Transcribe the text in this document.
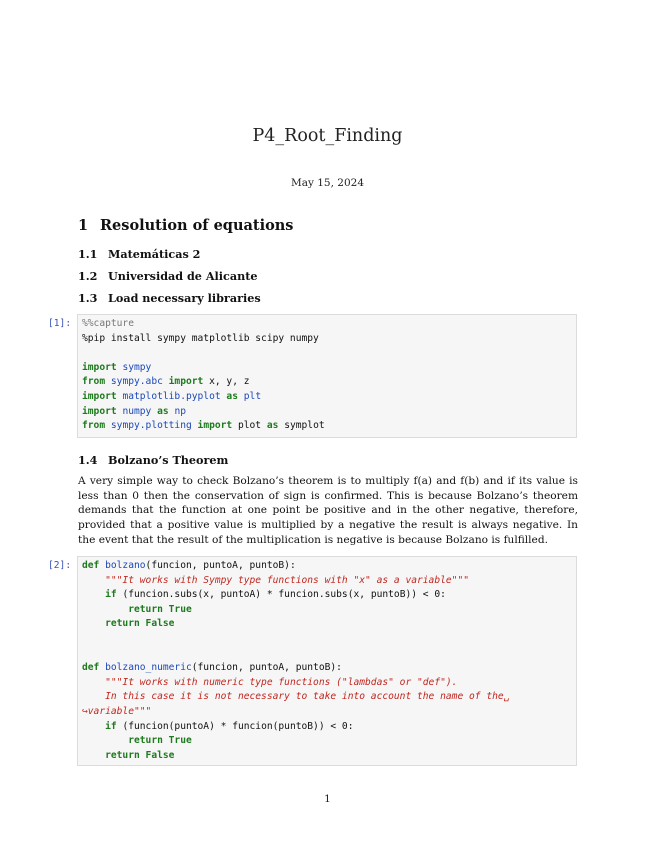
P4_Root_Finding
May 15, 2024
1 Resolution of equations
1.1 Matemáticas 2
1.2 Universidad de Alicante
1.3 Load necessary libraries
[1]: %%capture
%pip install sympy matplotlib scipy numpy
import sympy
from sympy.abc import x, y, z
import matplotlib.pyplot as plt
import numpy as np
from sympy.plotting import plot as symplot
1.4 Bolzano’s Theorem
A very simple way to check Bolzano’s theorem is to multiply f(a) and f(b) and if its value is less than 0 then the conservation of sign is confirmed. This is because Bolzano’s theorem demands that the function at one point be positive and in the other negative, therefore, provided that a positive value is multiplied by a negative the result is always negative. In the event that the result of the multiplication is negative is because Bolzano is fulfilled.
[2]: def bolzano(funcion, puntoA, puntoB):
"""It works with Sympy type functions with "x" as a variable"""
if (funcion.subs(x, puntoA) * funcion.subs(x, puntoB)) < 0:
return True
return False
def bolzano_numeric(funcion, puntoA, puntoB):
"""It works with numeric type functions ("lambdas" or "def").
In this case it is not necessary to take into account the name of the␣
↪variable"""
if (funcion(puntoA) * funcion(puntoB)) < 0:
return True
return False
1
